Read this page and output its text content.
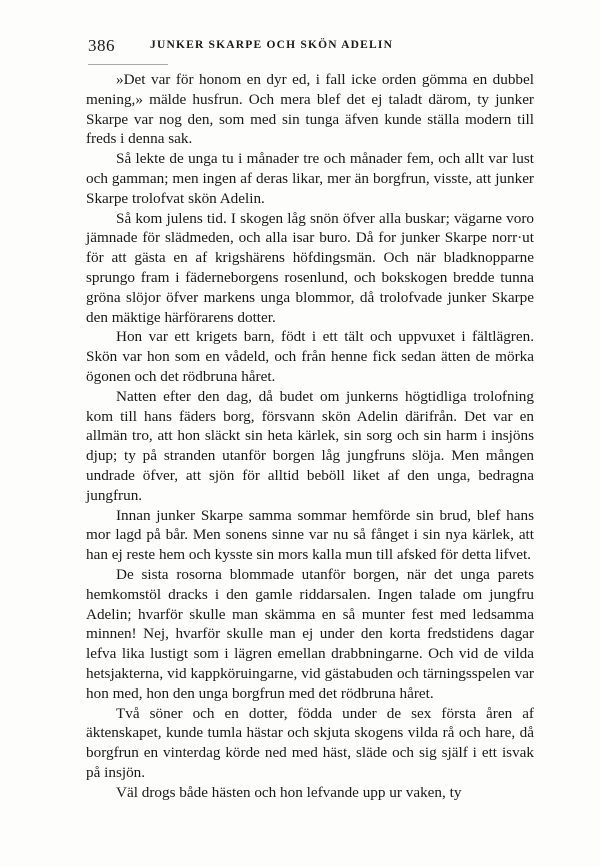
386	JUNKER SKARPE OCH SKÖN ADELIN

»Det var för honom en dyr ed, i fall icke orden gömma en dubbel mening,» mälde husfrun. Och mera blef det ej taladt därom, ty junker Skarpe var nog den, som med sin tunga äfven kunde ställa modern till freds i denna sak.

Så lekte de unga tu i månader tre och månader fem, och allt var lust och gamman; men ingen af deras likar, mer än borgfrun, visste, att junker Skarpe trolofvat skön Adelin.

Så kom julens tid. I skogen låg snön öfver alla buskar; vägarne voro jämnade för slädmeden, och alla isar buro. Då for junker Skarpe norr·ut för att gästa en af krigshärens höfdingsmän. Och när bladknopparne sprungo fram i fädernеborgens rosenlund, och bokskogen bredde tunna gröna slöjor öfver markens unga blommor, då trolofvade junker Skarpe den mäktige härförarens dotter.

Hon var ett krigets barn, födt i ett tält och uppvuxet i fältlägren. Skön var hon som en vådeld, och från henne fick sedan ätten de mörka ögonen och det rödbruna håret.

Natten efter den dag, då budet om junkerns högtidliga trolofning kom till hans fäders borg, försvann skön Adelin därifrån. Det var en allmän tro, att hon släckt sin heta kärlek, sin sorg och sin harm i insjöns djup; ty på stranden utanför borgen låg jungfruns slöja. Men mången undrade öfver, att sjön för alltid beböll liket af den unga, bedragna jungfrun.

Innan junker Skarpe samma sommar hemförde sin brud, blef hans mor lagd på bår. Men sonens sinne var nu så fånget i sin nya kärlek, att han ej reste hem och kysste sin mors kalla mun till afsked för detta lifvet.

De sista rosorna blommade utanför borgen, när det unga parets hemkomstöl dracks i den gamle riddarsalen. Ingen talade om jungfru Adelin; hvarför skulle man skämma en så munter fest med ledsamma minnen! Nej, hvarför skulle man ej under den korta fredstidens dagar lefva lika lustigt som i lägren emellan drabbningarne. Och vid de vilda hetsjakterna, vid kappköruingarne, vid gästabuden och tärningsspelen var hon med, hon den unga borgfrun med det rödbruna håret.

Två söner och en dotter, födda under de sex första åren af äktenskapet, kunde tumla hästar och skjuta skogens vilda rå och hare, då borgfrun en vinterdag körde ned med häst, släde och sig själf i ett isvak på insjön.

Väl drogs både hästen och hon lefvande upp ur vaken, ty
